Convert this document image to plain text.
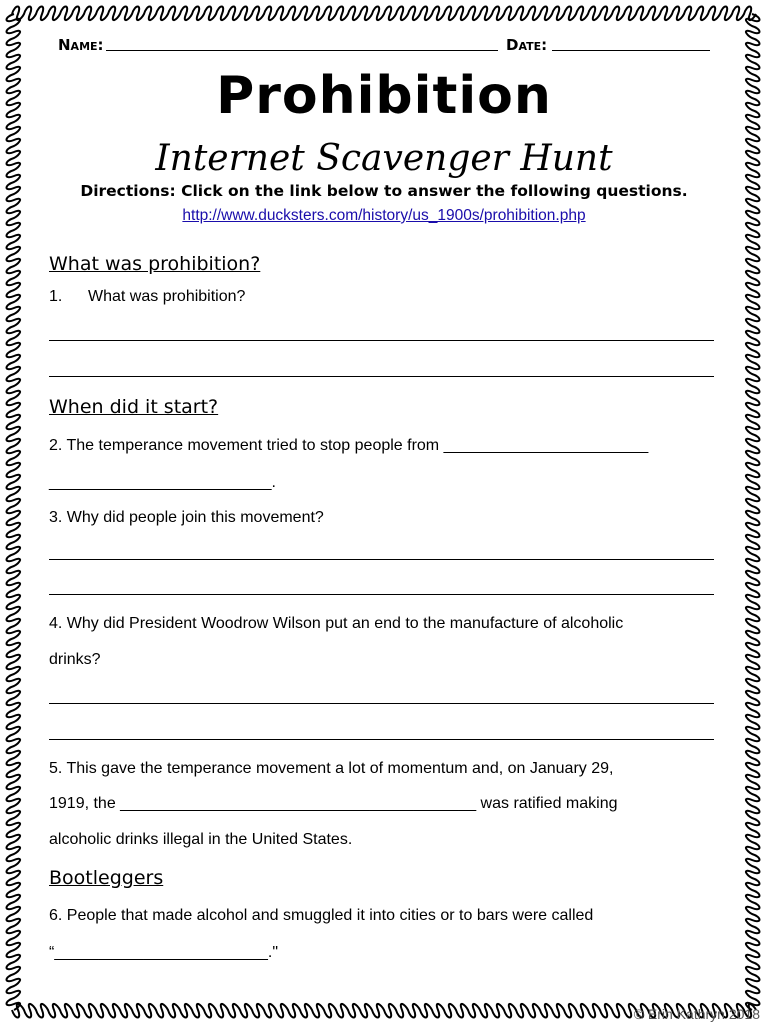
Name:	Date:
Prohibition
Internet Scavenger Hunt
Directions: Click on the link below to answer the following questions.
http://www.ducksters.com/history/us_1900s/prohibition.php
What was prohibition?
1. What was prohibition?
When did it start?
2. The temperance movement tried to stop people from _______________________
_________________________.
3. Why did people join this movement?
4. Why did President Woodrow Wilson put an end to the manufacture of alcoholic
drinks?
5. This gave the temperance movement a lot of momentum and, on January 29,
1919, the ________________________________________ was ratified making
alcoholic drinks illegal in the United States.
Bootleggers
6. People that made alcohol and smuggled it into cities or to bars were called
“________________________."
© Erin Kathryn 2018
